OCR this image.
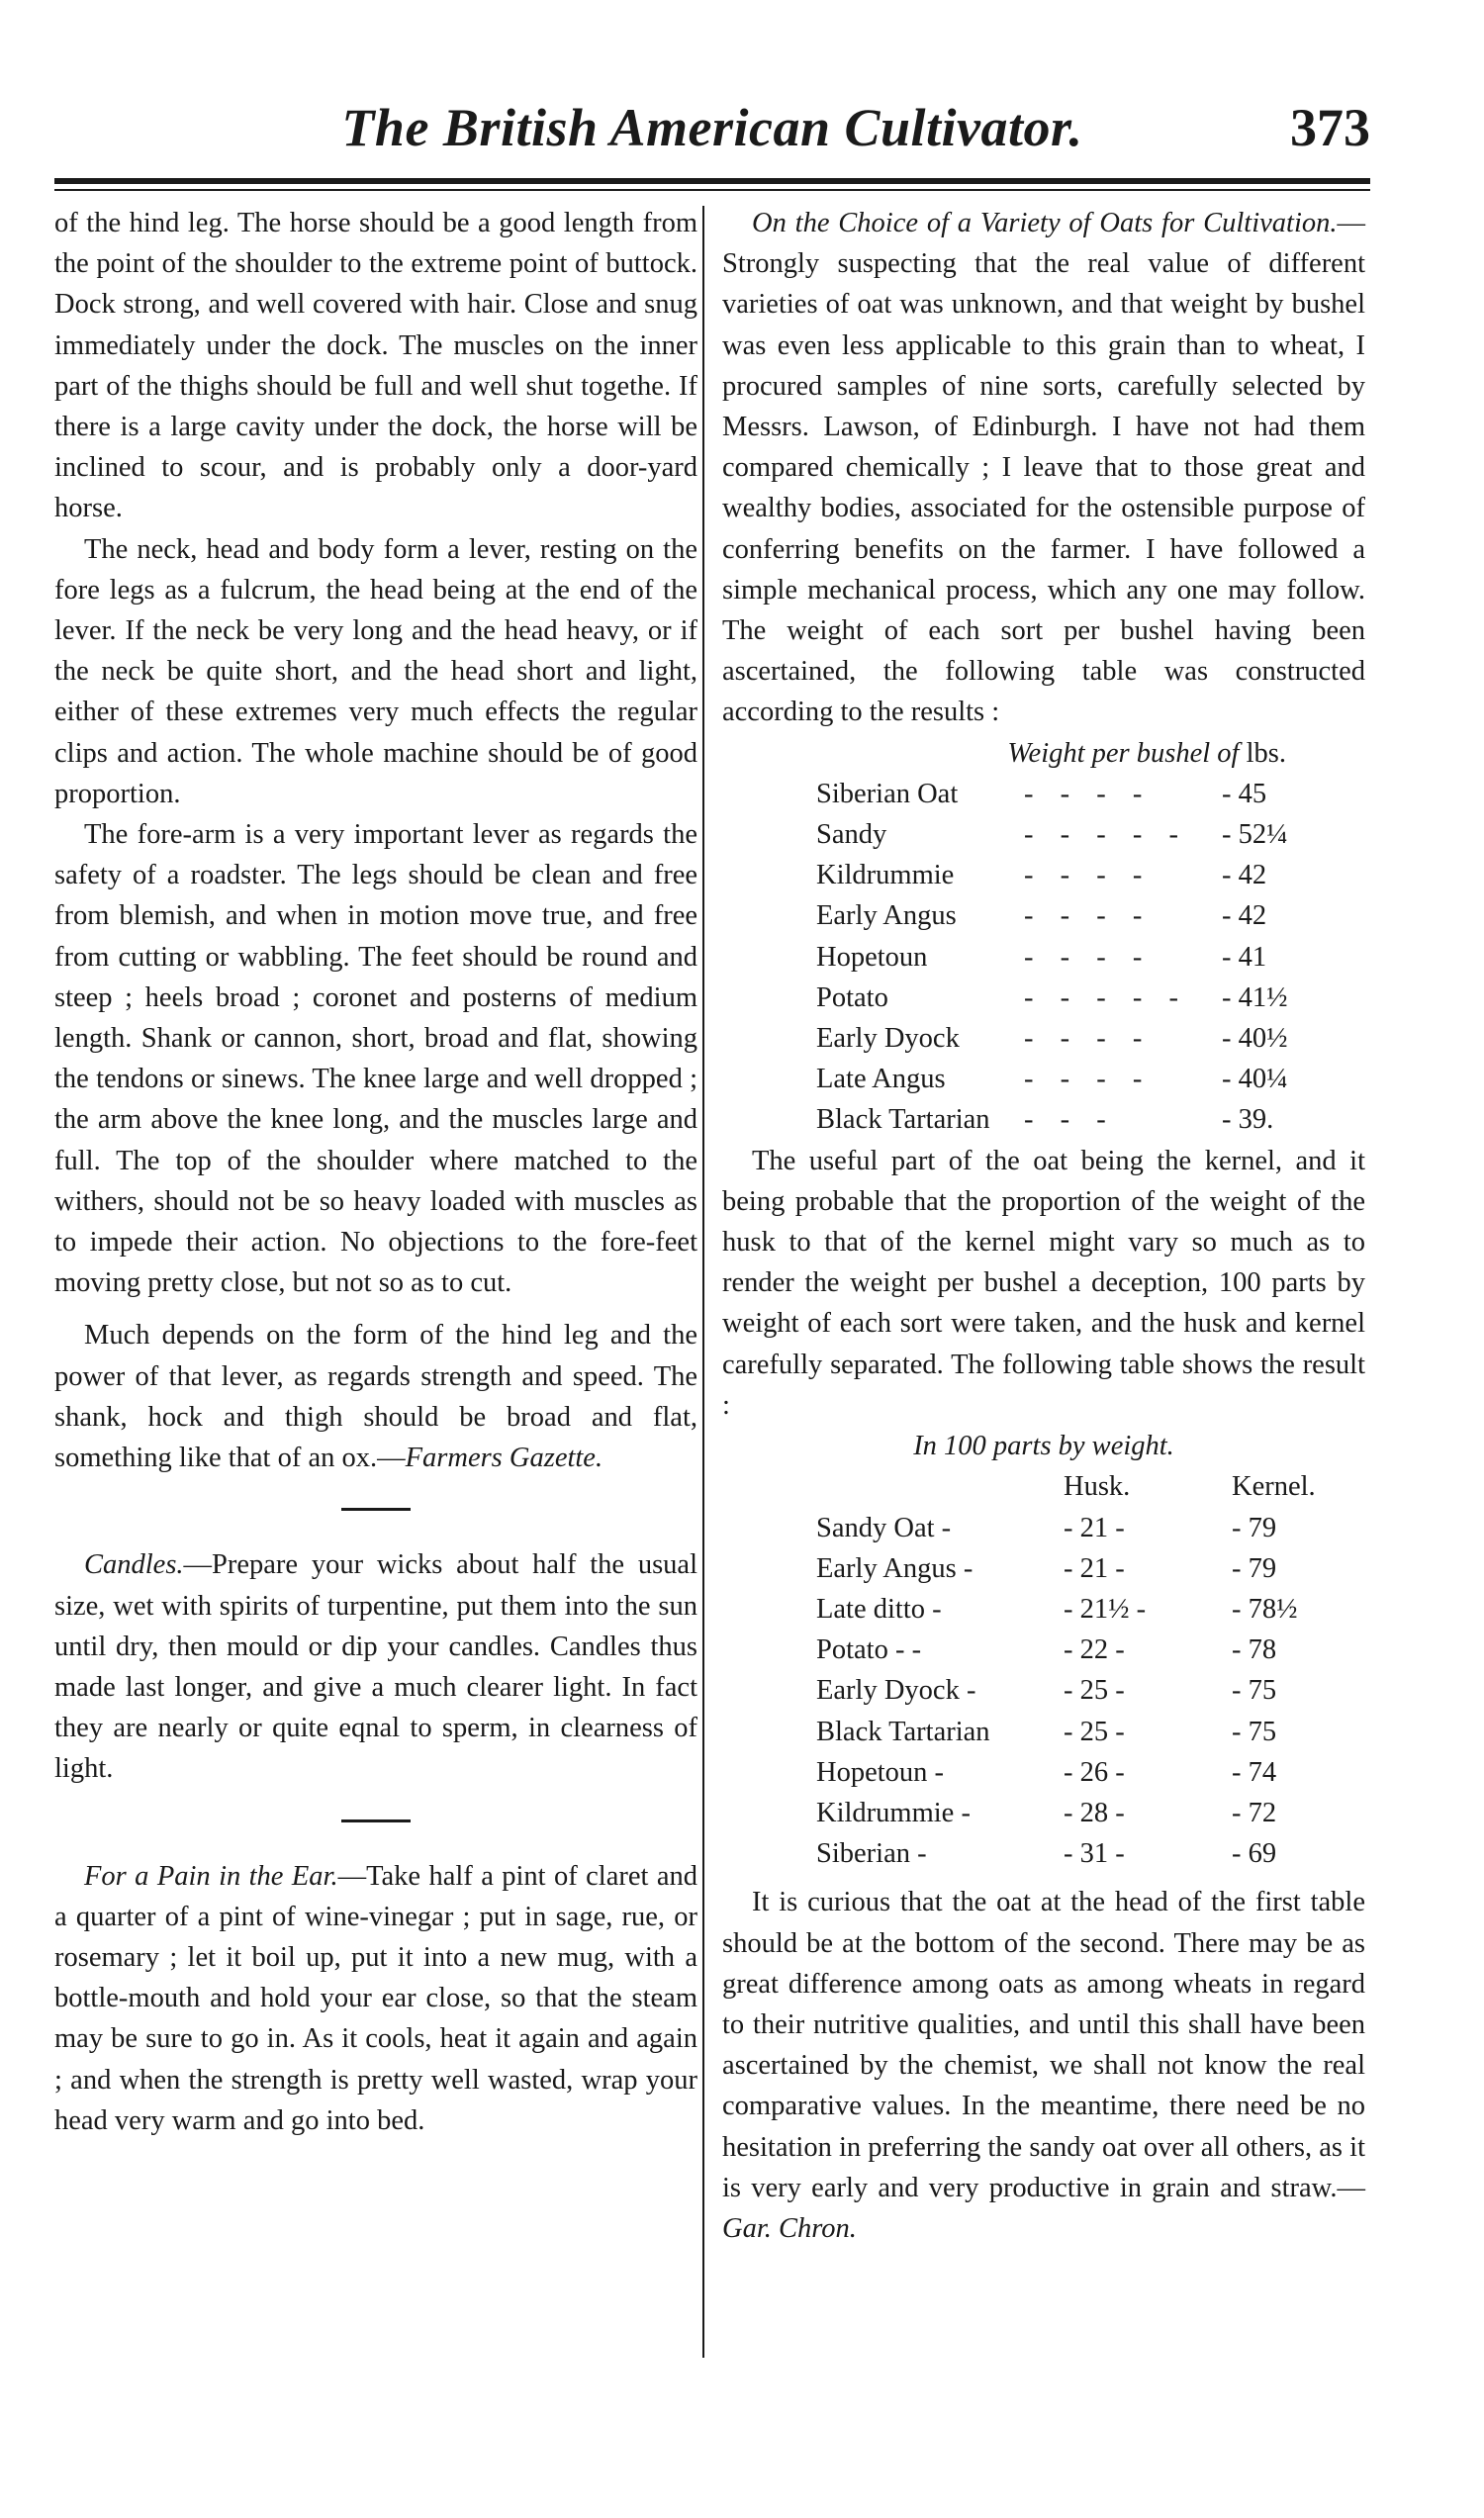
The British American Cultivator.	373

of the hind leg. The horse should be a good length from the point of the shoulder to the extreme point of buttock. Dock strong, and well covered with hair. Close and snug immediately under the dock. The muscles on the inner part of the thighs should be full and well shut togethe. If there is a large cavity under the dock, the horse will be inclined to scour, and is probably only a door-yard horse.

The neck, head and body form a lever, resting on the fore legs as a fulcrum, the head being at the end of the lever. If the neck be very long and the head heavy, or if the neck be quite short, and the head short and light, either of these extremes very much effects the regular clips and action. The whole machine should be of good proportion.

The fore-arm is a very important lever as regards the safety of a roadster. The legs should be clean and free from blemish, and when in motion move true, and free from cutting or wabbling. The feet should be round and steep ; heels broad ; coronet and posterns of medium length. Shank or cannon, short, broad and flat, showing the tendons or sinews. The knee large and well dropped ; the arm above the knee long, and the muscles large and full. The top of the shoulder where matched to the withers, should not be so heavy loaded with muscles as to impede their action. No objections to the fore-feet moving pretty close, but not so as to cut.

Much depends on the form of the hind leg and the power of that lever, as regards strength and speed. The shank, hock and thigh should be broad and flat, something like that of an ox.—Farmers Gazette.

Candles.—Prepare your wicks about half the usual size, wet with spirits of turpentine, put them into the sun until dry, then mould or dip your candles. Candles thus made last longer, and give a much clearer light. In fact they are nearly or quite eqnal to sperm, in clearness of light.

For a Pain in the Ear.—Take half a pint of claret and a quarter of a pint of wine-vinegar ; put in sage, rue, or rosemary ; let it boil up, put it into a new mug, with a bottle-mouth and hold your ear close, so that the steam may be sure to go in. As it cools, heat it again and again ; and when the strength is pretty well wasted, wrap your head very warm and go into bed.

On the Choice of a Variety of Oats for Cultivation.—Strongly suspecting that the real value of different varieties of oat was unknown, and that weight by bushel was even less applicable to this grain than to wheat, I procured samples of nine sorts, carefully selected by Messrs. Lawson, of Edinburgh. I have not had them compared chemically ; I leave that to those great and wealthy bodies, associated for the ostensible purpose of conferring benefits on the farmer. I have followed a simple mechanical process, which any one may follow. The weight of each sort per bushel having been ascertained, the following table was constructed according to the results :

Weight per bushel of lbs.

Siberian Oat	- - - -	- 45
Sandy	- - - - -	- 52¼
Kildrummie	- - - -	- 42
Early Angus	- - - -	- 42
Hopetoun	- - - -	- 41
Potato	- - - - -	- 41½
Early Dyock	- - - -	- 40½
Late Angus	- - - -	- 40¼
Black Tartarian	- - -	- 39.

The useful part of the oat being the kernel, and it being probable that the proportion of the weight of the husk to that of the kernel might vary so much as to render the weight per bushel a deception, 100 parts by weight of each sort were taken, and the husk and kernel carefully separated. The following table shows the result :

In 100 parts by weight.

	Husk.	Kernel.
Sandy Oat -	- 21 -	- 79
Early Angus -	- 21 -	- 79
Late ditto -	- 21½ -	- 78½
Potato - -	- 22 -	- 78
Early Dyock -	- 25 -	- 75
Black Tartarian	- 25 -	- 75
Hopetoun -	- 26 -	- 74
Kildrummie -	- 28 -	- 72
Siberian -	- 31 -	- 69

It is curious that the oat at the head of the first table should be at the bottom of the second. There may be as great difference among oats as among wheats in regard to their nutritive qualities, and until this shall have been ascertained by the chemist, we shall not know the real comparative values. In the meantime, there need be no hesitation in preferring the sandy oat over all others, as it is very early and very productive in grain and straw.—Gar. Chron.
